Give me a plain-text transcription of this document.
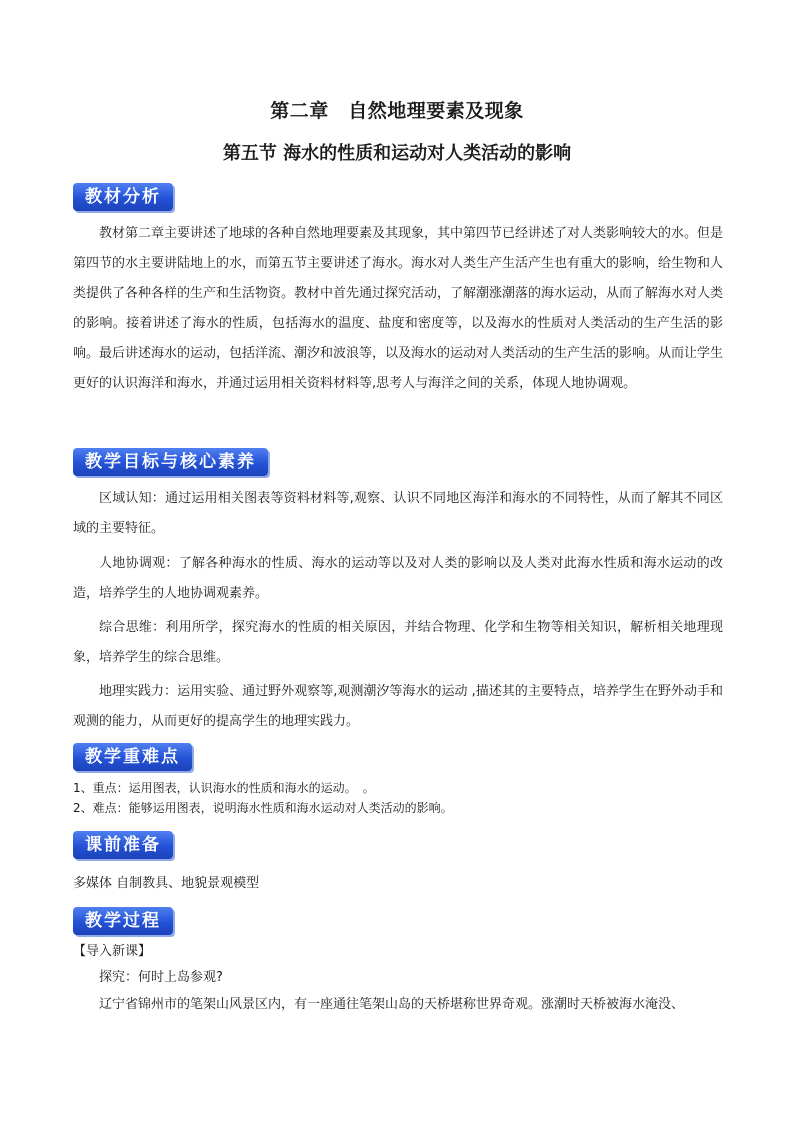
第二章　自然地理要素及现象
第五节 海水的性质和运动对人类活动的影响
教材分析

教材第二章主要讲述了地球的各种自然地理要素及其现象，其中第四节已经讲述了对人类影响较大的水。但是第四节的水主要讲陆地上的水，而第五节主要讲述了海水。海水对人类生产生活产生也有重大的影响，给生物和人类提供了各种各样的生产和生活物资。教材中首先通过探究活动，了解潮涨潮落的海水运动，从而了解海水对人类的影响。接着讲述了海水的性质，包括海水的温度、盐度和密度等，以及海水的性质对人类活动的生产生活的影响。最后讲述海水的运动，包括洋流、潮汐和波浪等，以及海水的运动对人类活动的生产生活的影响。从而让学生更好的认识海洋和海水，并通过运用相关资料材料等,思考人与海洋之间的关系，体现人地协调观。

教学目标与核心素养

区域认知：通过运用相关图表等资料材料等,观察、认识不同地区海洋和海水的不同特性，从而了解其不同区域的主要特征。

人地协调观：了解各种海水的性质、海水的运动等以及对人类的影响以及人类对此海水性质和海水运动的改造，培养学生的人地协调观素养。

综合思维：利用所学，探究海水的性质的相关原因，并结合物理、化学和生物等相关知识，解析相关地理现象，培养学生的综合思维。

地理实践力：运用实验、通过野外观察等,观测潮汐等海水的运动 ,描述其的主要特点，培养学生在野外动手和观测的能力，从而更好的提高学生的地理实践力。

教学重难点

1、重点：运用图表，认识海水的性质和海水的运动。　。

2、难点：能够运用图表，说明海水性质和海水运动对人类活动的影响。

课前准备

多媒体 自制教具、地貌景观模型

教学过程

【导入新课】

探究：何时上岛参观?

辽宁省锦州市的笔架山风景区内，有一座通往笔架山岛的天桥堪称世界奇观。涨潮时天桥被海水淹没、
